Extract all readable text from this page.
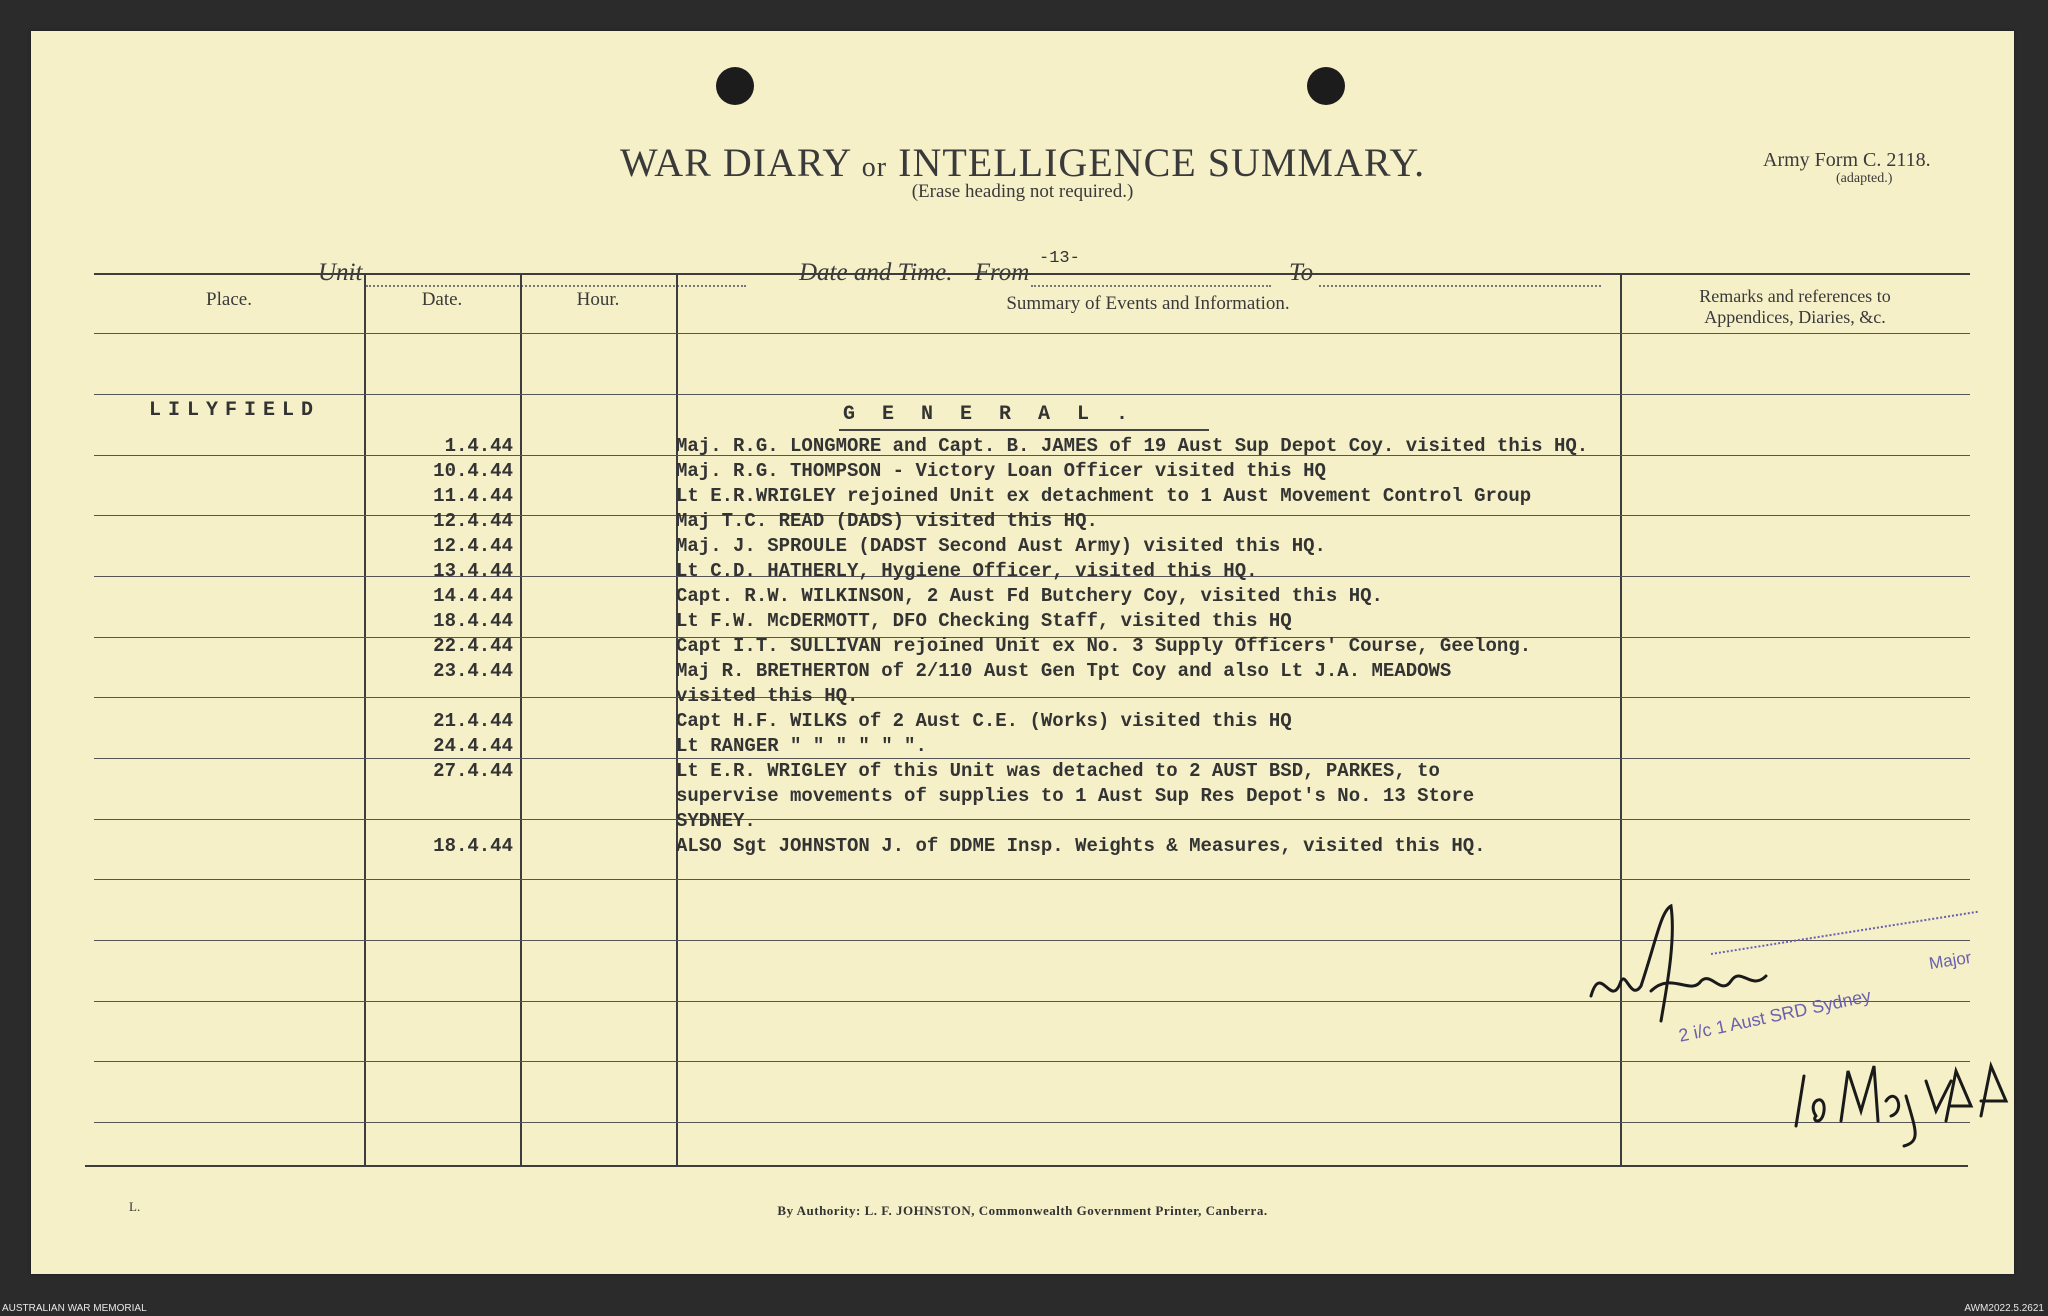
WAR DIARY or INTELLIGENCE SUMMARY.
(Erase heading not required.)
Army Form C. 2118.
(adapted.)
Unit	Date and Time.—From
-13-
To
Place.	Date.	Hour.	Summary of Events and Information.	Remarks and references to
Appendices, Diaries, &c.
LILYFIELD	GENERAL.
1.4.44	Maj. R.G. LONGMORE and Capt. B. JAMES of 19 Aust Sup Depot Coy. visited this HQ.
10.4.44	Maj. R.G. THOMPSON - Victory Loan Officer visited this HQ
11.4.44	Lt E.R.WRIGLEY rejoined Unit ex detachment to 1 Aust Movement Control Group
12.4.44	Maj T.C. READ (DADS) visited this HQ.
12.4.44	Maj. J. SPROULE (DADST Second Aust Army) visited this HQ.
13.4.44	Lt C.D. HATHERLY, Hygiene Officer, visited this HQ.
14.4.44	Capt. R.W. WILKINSON, 2 Aust Fd Butchery Coy, visited this HQ.
18.4.44	Lt F.W. McDERMOTT, DFO Checking Staff, visited this HQ
22.4.44	Capt I.T. SULLIVAN rejoined Unit ex No. 3 Supply Officers' Course, Geelong.
23.4.44	Maj R. BRETHERTON of 2/110 Aust Gen Tpt Coy and also Lt J.A. MEADOWS
visited this HQ.
21.4.44	Capt H.F. WILKS of 2 Aust C.E. (Works) visited this HQ
24.4.44	Lt RANGER " " " " " ".
27.4.44	Lt E.R. WRIGLEY of this Unit was detached to 2 AUST BSD, PARKES, to
supervise movements of supplies to 1 Aust Sup Res Depot's No. 13 Store
SYDNEY.
18.4.44	ALSO Sgt JOHNSTON J. of DDME Insp. Weights & Measures, visited this HQ.
Major
2 i/c 1 Aust SRD Sydney
L.	By Authority: L. F. JOHNSTON, Commonwealth Government Printer, Canberra.
AUSTRALIAN WAR MEMORIAL	AWM2022.5.2621
